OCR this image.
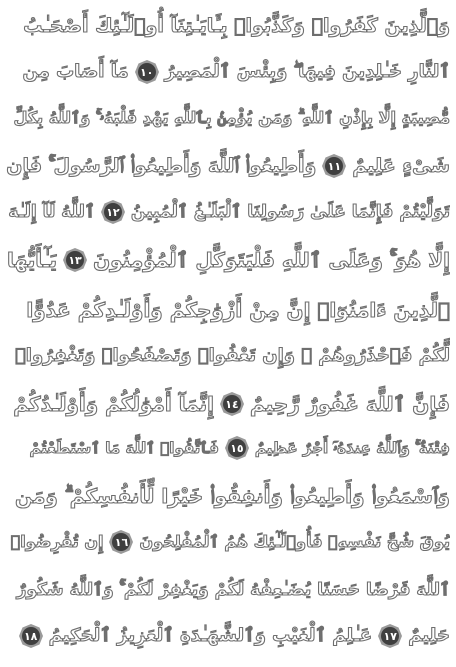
وَٱلَّذِينَ كَفَرُوا۟ وَكَذَّبُوا۟ بِـَٔايَـٰتِنَآ أُو۟لَـٰٓئِكَ أَصْحَـٰبُ
ٱلنَّارِ خَـٰلِدِينَ فِيهَا ۖ وَبِئْسَ ٱلْمَصِيرُ
١٠
مَآ أَصَابَ مِن
مُّصِيبَةٍ إِلَّا بِإِذْنِ ٱللَّهِ ۗ وَمَن يُؤْمِنۢ بِٱللَّهِ يَهْدِ قَلْبَهُۥ ۚ وَٱللَّهُ بِكُلِّ
شَىْءٍ عَلِيمٌ
١١
وَأَطِيعُوا۟ ٱللَّهَ وَأَطِيعُوا۟ ٱلرَّسُولَ ۚ فَإِن
تَوَلَّيْتُمْ فَإِنَّمَا عَلَىٰ رَسُولِنَا ٱلْبَلَـٰغُ ٱلْمُبِينُ
١٢
ٱللَّهُ لَآ إِلَـٰهَ
إِلَّا هُوَ ۚ وَعَلَى ٱللَّهِ فَلْيَتَوَكَّلِ ٱلْمُؤْمِنُونَ
١٣
يَـٰٓأَيُّهَا
ٱلَّذِينَ ءَامَنُوٓا۟ إِنَّ مِنْ أَزْوَٰجِكُمْ وَأَوْلَـٰدِكُمْ عَدُوًّا
لَّكُمْ فَٱحْذَرُوهُمْ ۚ وَإِن تَعْفُوا۟ وَتَصْفَحُوا۟ وَتَغْفِرُوا۟
فَإِنَّ ٱللَّهَ غَفُورٌ رَّحِيمٌ
١٤
إِنَّمَآ أَمْوَٰلُكُمْ وَأَوْلَـٰدُكُمْ
فِتْنَةٌ ۚ وَٱللَّهُ عِندَهُۥٓ أَجْرٌ عَظِيمٌ
١٥
فَٱتَّقُوا۟ ٱللَّهَ مَا ٱسْتَطَعْتُمْ
وَٱسْمَعُوا۟ وَأَطِيعُوا۟ وَأَنفِقُوا۟ خَيْرًا لِّأَنفُسِكُمْ ۗ وَمَن
يُوقَ شُحَّ نَفْسِهِۦ فَأُو۟لَـٰٓئِكَ هُمُ ٱلْمُفْلِحُونَ
١٦
إِن تُقْرِضُوا۟
ٱللَّهَ قَرْضًا حَسَنًا يُضَـٰعِفْهُ لَكُمْ وَيَغْفِرْ لَكُمْ ۚ وَٱللَّهُ شَكُورٌ
حَلِيمٌ
١٧
عَـٰلِمُ ٱلْغَيْبِ وَٱلشَّهَـٰدَةِ ٱلْعَزِيزُ ٱلْحَكِيمُ
١٨
